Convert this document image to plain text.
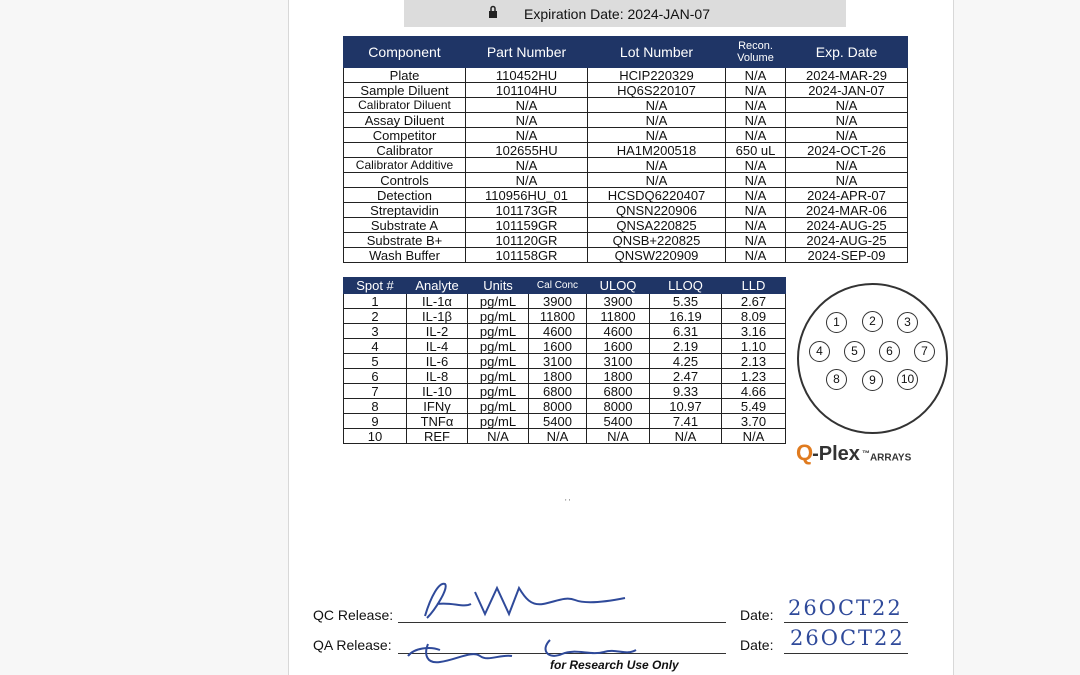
Expiration Date: 2024-JAN-07
Component	Part Number	Lot Number	Recon. Volume	Exp. Date
Plate	110452HU	HCIP220329	N/A	2024-MAR-29
Sample Diluent	101104HU	HQ6S220107	N/A	2024-JAN-07
Calibrator Diluent	N/A	N/A	N/A	N/A
Assay Diluent	N/A	N/A	N/A	N/A
Competitor	N/A	N/A	N/A	N/A
Calibrator	102655HU	HA1M200518	650 uL	2024-OCT-26
Calibrator Additive	N/A	N/A	N/A	N/A
Controls	N/A	N/A	N/A	N/A
Detection	110956HU_01	HCSDQ6220407	N/A	2024-APR-07
Streptavidin	101173GR	QNSN220906	N/A	2024-MAR-06
Substrate A	101159GR	QNSA220825	N/A	2024-AUG-25
Substrate B+	101120GR	QNSB+220825	N/A	2024-AUG-25
Wash Buffer	101158GR	QNSW220909	N/A	2024-SEP-09
Spot #	Analyte	Units	Cal Conc	ULOQ	LLOQ	LLD
1	IL-1α	pg/mL	3900	3900	5.35	2.67
2	IL-1β	pg/mL	11800	11800	16.19	8.09
3	IL-2	pg/mL	4600	4600	6.31	3.16
4	IL-4	pg/mL	1600	1600	2.19	1.10
5	IL-6	pg/mL	3100	3100	4.25	2.13
6	IL-8	pg/mL	1800	1800	2.47	1.23
7	IL-10	pg/mL	6800	6800	9.33	4.66
8	IFNγ	pg/mL	8000	8000	10.97	5.49
9	TNFα	pg/mL	5400	5400	7.41	3.70
10	REF	N/A	N/A	N/A	N/A	N/A
1	2	3
4	5	6	7
8	9	10
Q -Plex ™ARRAYS
' '
QC Release:	Date: 26OCT22
QA Release:	Date: 26OCT22
for Research Use Only
